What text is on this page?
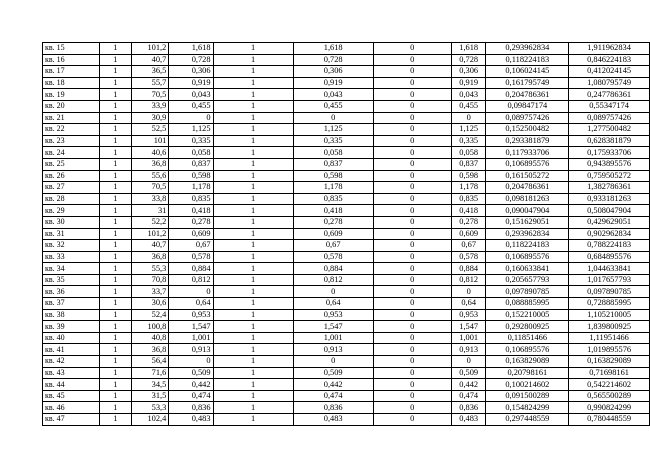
кв. 15	1	101,2	1,618	1	1,618	0	1,618	0,293962834	1,911962834
кв. 16	1	40,7	0,728	1	0,728	0	0,728	0,118224183	0,846224183
кв. 17	1	36,5	0,306	1	0,306	0	0,306	0,106024145	0,412024145
кв. 18	1	55,7	0,919	1	0,919	0	0,919	0,161795749	1,080795749
кв. 19	1	70,5	0,043	1	0,043	0	0,043	0,204786361	0,247786361
кв. 20	1	33,9	0,455	1	0,455	0	0,455	0,09847174	0,55347174
кв. 21	1	30,9	0	1	0	0	0	0,089757426	0,089757426
кв. 22	1	52,5	1,125	1	1,125	0	1,125	0,152500482	1,277500482
кв. 23	1	101	0,335	1	0,335	0	0,335	0,293381879	0,628381879
кв. 24	1	40,6	0,058	1	0,058	0	0,058	0,117933706	0,175933706
кв. 25	1	36,8	0,837	1	0,837	0	0,837	0,106895576	0,943895576
кв. 26	1	55,6	0,598	1	0,598	0	0,598	0,161505272	0,759505272
кв. 27	1	70,5	1,178	1	1,178	0	1,178	0,204786361	1,382786361
кв. 28	1	33,8	0,835	1	0,835	0	0,835	0,098181263	0,933181263
кв. 29	1	31	0,418	1	0,418	0	0,418	0,090047904	0,508047904
кв. 30	1	52,2	0,278	1	0,278	0	0,278	0,151629051	0,429629051
кв. 31	1	101,2	0,609	1	0,609	0	0,609	0,293962834	0,902962834
кв. 32	1	40,7	0,67	1	0,67	0	0,67	0,118224183	0,788224183
кв. 33	1	36,8	0,578	1	0,578	0	0,578	0,106895576	0,684895576
кв. 34	1	55,3	0,884	1	0,884	0	0,884	0,160633841	1,044633841
кв. 35	1	70,8	0,812	1	0,812	0	0,812	0,205657793	1,017657793
кв. 36	1	33,7	0	1	0	0	0	0,097890785	0,097890785
кв. 37	1	30,6	0,64	1	0,64	0	0,64	0,088885995	0,728885995
кв. 38	1	52,4	0,953	1	0,953	0	0,953	0,152210005	1,105210005
кв. 39	1	100,8	1,547	1	1,547	0	1,547	0,292800925	1,839800925
кв. 40	1	40,8	1,001	1	1,001	0	1,001	0,11851466	1,11951466
кв. 41	1	36,8	0,913	1	0,913	0	0,913	0,106895576	1,019895576
кв. 42	1	56,4	0	1	0	0	0	0,163829089	0,163829089
кв. 43	1	71,6	0,509	1	0,509	0	0,509	0,20798161	0,71698161
кв. 44	1	34,5	0,442	1	0,442	0	0,442	0,100214602	0,542214602
кв. 45	1	31,5	0,474	1	0,474	0	0,474	0,091500289	0,565500289
кв. 46	1	53,3	0,836	1	0,836	0	0,836	0,154824299	0,990824299
кв. 47	1	102,4	0,483	1	0,483	0	0,483	0,297448559	0,780448559
